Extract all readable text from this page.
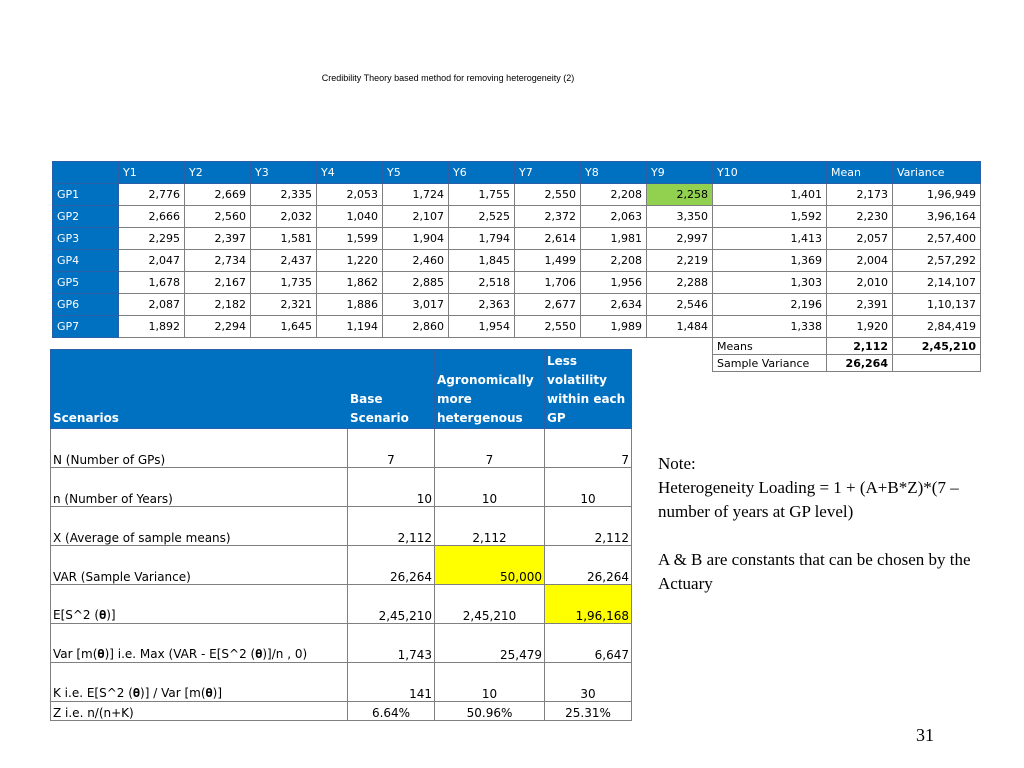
Credibility Theory based method for removing heterogeneity (2)
	Y1	Y2	Y3	Y4	Y5	Y6	Y7	Y8	Y9	Y10	Mean	Variance
GP1	2,776	2,669	2,335	2,053	1,724	1,755	2,550	2,208	2,258	1,401	2,173	1,96,949
GP2	2,666	2,560	2,032	1,040	2,107	2,525	2,372	2,063	3,350	1,592	2,230	3,96,164
GP3	2,295	2,397	1,581	1,599	1,904	1,794	2,614	1,981	2,997	1,413	2,057	2,57,400
GP4	2,047	2,734	2,437	1,220	2,460	1,845	1,499	2,208	2,219	1,369	2,004	2,57,292
GP5	1,678	2,167	1,735	1,862	2,885	2,518	1,706	1,956	2,288	1,303	2,010	2,14,107
GP6	2,087	2,182	2,321	1,886	3,017	2,363	2,677	2,634	2,546	2,196	2,391	1,10,137
GP7	1,892	2,294	1,645	1,194	2,860	1,954	2,550	1,989	1,484	1,338	1,920	2,84,419
										Means	2,112	2,45,210
										Sample Variance	26,264	
Scenarios	Base Scenario	Agronomically more hetergenous	Less volatility within each GP
N (Number of GPs)	7	7	7
n (Number of Years)	10	10	10
X (Average of sample means)	2,112	2,112	2,112
VAR (Sample Variance)	26,264	50,000	26,264
E[S^2 (𝛉)]	2,45,210	2,45,210	1,96,168
Var [m(𝛉)] i.e. Max (VAR - E[S^2 (𝛉)]/n , 0)	1,743	25,479	6,647
K i.e. E[S^2 (𝛉)] / Var [m(𝛉)]	141	10	30
Z i.e. n/(n+K)	6.64%	50.96%	25.31%

Note:

Heterogeneity Loading = 1 + (A+B*Z)*(7 – number of years at GP level)

A & B are constants that can be chosen by the Actuary

31
